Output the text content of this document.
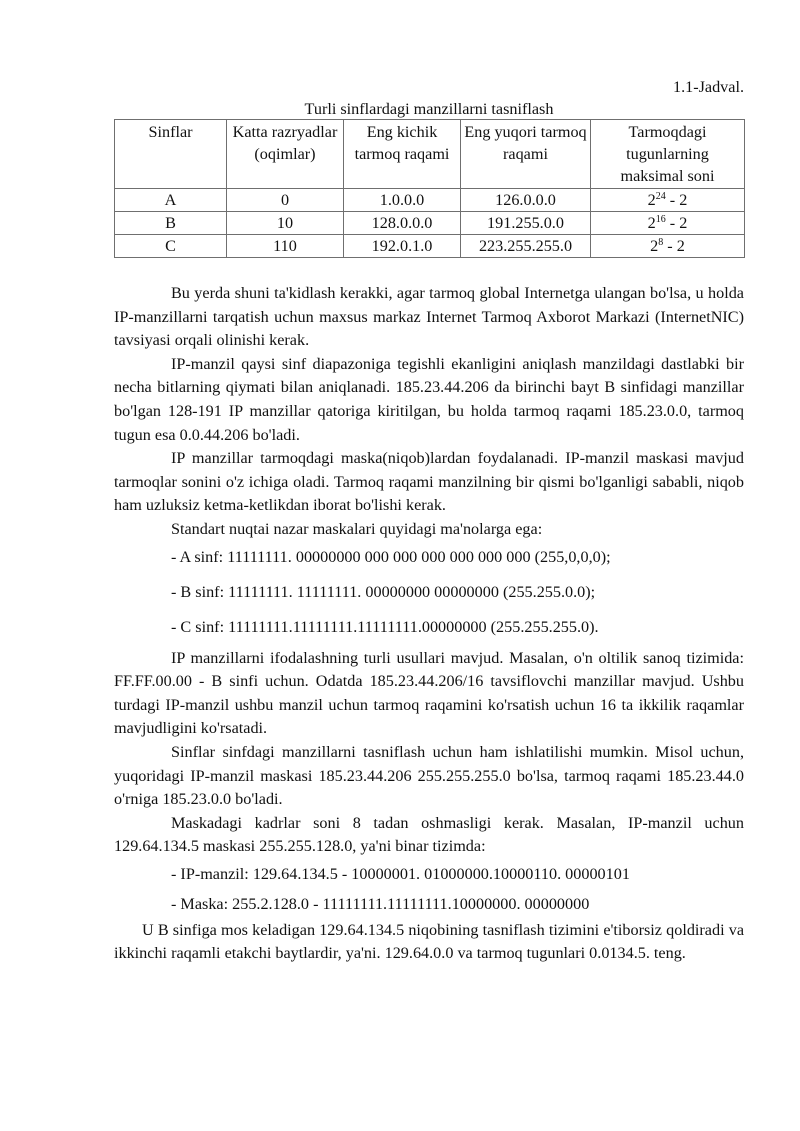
1.1-Jadval.

Turli sinflardagi manzillarni tasniflash

Sinflar	Katta razryadlar (oqimlar)	Eng kichik tarmoq raqami	Eng yuqori tarmoq raqami	Tarmoqdagi tugunlarning maksimal soni
A	0	1.0.0.0	126.0.0.0	$2^{24} - 2$
B	10	128.0.0.0	191.255.0.0	$2^{16} - 2$
C	110	192.0.1.0	223.255.255.0	$2^8 - 2$

Bu yerda shuni ta'kidlash kerakki, agar tarmoq global Internetga ulangan bo'lsa, u holda IP-manzillarni tarqatish uchun maxsus markaz Internet Tarmoq Axborot Markazi (InternetNIC) tavsiyasi orqali olinishi kerak.

IP-manzil qaysi sinf diapazoniga tegishli ekanligini aniqlash manzildagi dastlabki bir necha bitlarning qiymati bilan aniqlanadi. 185.23.44.206 da birinchi bayt B sinfidagi manzillar bo'lgan 128-191 IP manzillar qatoriga kiritilgan, bu holda tarmoq raqami 185.23.0.0, tarmoq tugun esa 0.0.44.206 bo'ladi.

IP manzillar tarmoqdagi maska(niqob)lardan foydalanadi. IP-manzil maskasi mavjud tarmoqlar sonini o'z ichiga oladi. Tarmoq raqami manzilning bir qismi bo'lganligi sababli, niqob ham uzluksiz ketma-ketlikdan iborat bo'lishi kerak.

Standart nuqtai nazar maskalari quyidagi ma'nolarga ega:

- A sinf: 11111111. 00000000 000 000 000 000 000 000 (255,0,0,0);

- B sinf: 11111111. 11111111. 00000000 00000000 (255.255.0.0);

- C sinf: 11111111.11111111.11111111.00000000 (255.255.255.0).

IP manzillarni ifodalashning turli usullari mavjud. Masalan, o'n oltilik sanoq tizimida: FF.FF.00.00 - B sinfi uchun. Odatda 185.23.44.206/16 tavsiflovchi manzillar mavjud. Ushbu turdagi IP-manzil ushbu manzil uchun tarmoq raqamini ko'rsatish uchun 16 ta ikkilik raqamlar mavjudligini ko'rsatadi.

Sinflar sinfdagi manzillarni tasniflash uchun ham ishlatilishi mumkin. Misol uchun, yuqoridagi IP-manzil maskasi 185.23.44.206 255.255.255.0 bo'lsa, tarmoq raqami 185.23.44.0 o'rniga 185.23.0.0 bo'ladi.

Maskadagi kadrlar soni 8 tadan oshmasligi kerak. Masalan, IP-manzil uchun 129.64.134.5 maskasi 255.255.128.0, ya'ni binar tizimda:

- IP-manzil: 129.64.134.5 - 10000001. 01000000.10000110. 00000101

- Maska: 255.2.128.0 - 11111111.11111111.10000000. 00000000

U B sinfiga mos keladigan 129.64.134.5 niqobining tasniflash tizimini e'tiborsiz qoldiradi va ikkinchi raqamli etakchi baytlardir, ya'ni. 129.64.0.0 va tarmoq tugunlari 0.0134.5. teng.
